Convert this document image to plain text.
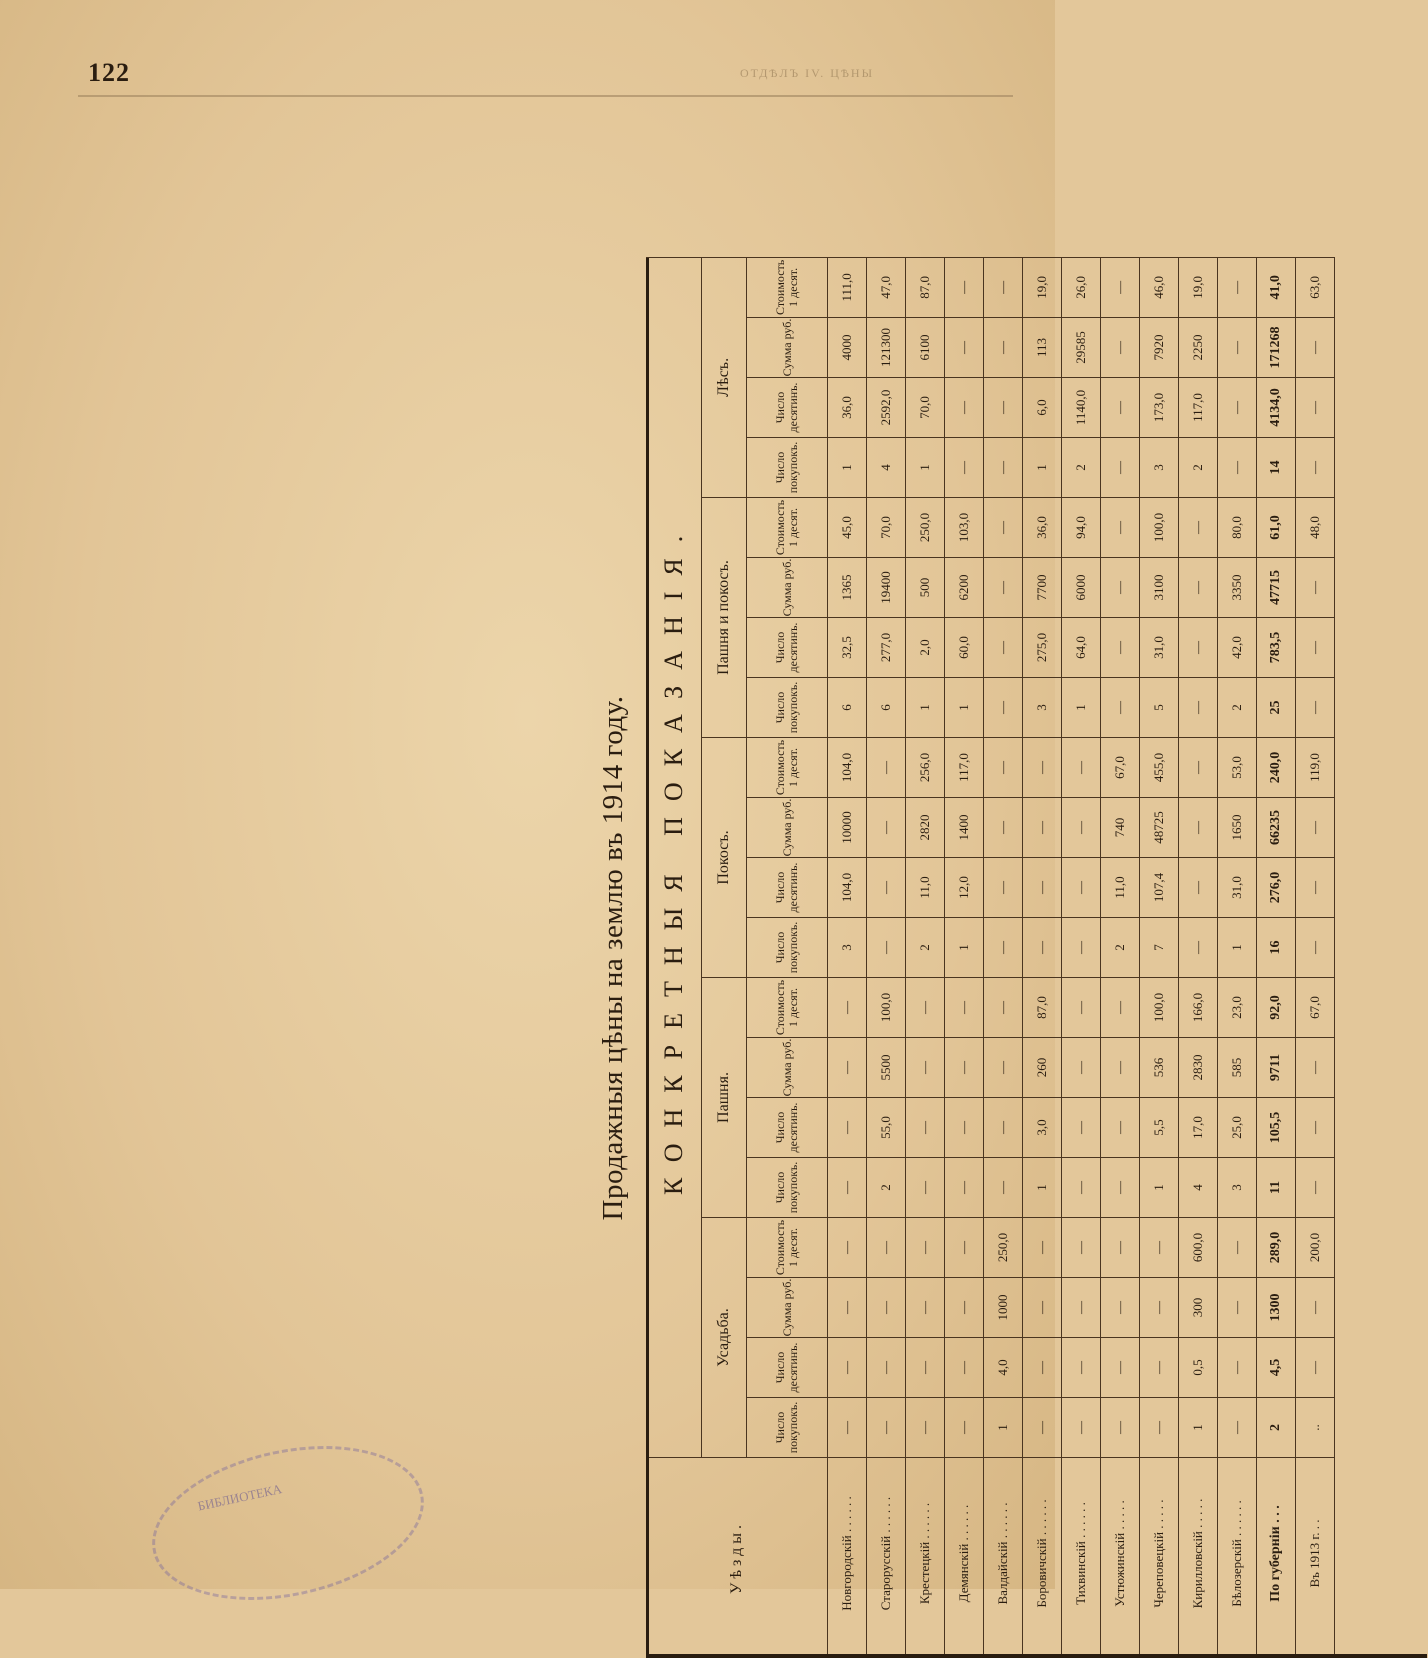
122	ОТДѢЛЪ IV. ЦѢНЫ
Продажныя цѣны на землю въ 1914 году.
Уѣзды.	КОНКРЕТНЫЯ ПОКАЗАНІЯ.																			
	Усадьба.				Пашня.				Покосъ.				Пашня и покосъ.				Лѣсъ.			
	Число покупокъ.	Число десятинъ.	Сумма руб.	Стоимость 1 десят.	Число покупокъ.	Число десятинъ.	Сумма руб.	Стоимость 1 десят.	Число покупокъ.	Число десятинъ.	Сумма руб.	Стоимость 1 десят.	Число покупокъ.	Число десятинъ.	Сумма руб.	Стоимость 1 десят.	Число покупокъ.	Число десятинъ.	Сумма руб.	Стоимость 1 десят.
Новгородскій . . . . . .	—	—	—	—	—	—	—	—	3	104,0	10000	104,0	6	32,5	1365	45,0	1	36,0	4000	111,0
Старорусскій . . . . . .	—	—	—	—	2	55,0	5500	100,0	—	—	—	—	6	277,0	19400	70,0	4	2592,0	121300	47,0
Крестецкій . . . . . .	—	—	—	—	—	—	—	—	2	11,0	2820	256,0	1	2,0	500	250,0	1	70,0	6100	87,0
Демянскій . . . . . .	—	—	—	—	—	—	—	—	1	12,0	1400	117,0	1	60,0	6200	103,0	—	—	—	—
Валдайскій . . . . . .	1	4,0	1000	250,0	—	—	—	—	—	—	—	—	—	—	—	—	—	—	—	—
Боровичскій . . . . . .	—	—	—	—	1	3,0	260	87,0	—	—	—	—	3	275,0	7700	36,0	1	6,0	113	19,0
Тихвинскій . . . . . .	—	—	—	—	—	—	—	—	—	—	—	—	1	64,0	6000	94,0	2	1140,0	29585	26,0
Устюжинскій . . . . .	—	—	—	—	—	—	—	—	2	11,0	740	67,0	—	—	—	—	—	—	—	—
Череповецкій . . . . .	—	—	—	—	1	5,5	536	100,0	7	107,4	48725	455,0	5	31,0	3100	100,0	3	173,0	7920	46,0
Кирилловскій . . . . .	1	0,5	300	600,0	4	17,0	2830	166,0	—	—	—	—	—	—	—	—	2	117,0	2250	19,0
Бѣлозерскій . . . . . .	—	—	—	—	3	25,0	585	23,0	1	31,0	1650	53,0	2	42,0	3350	80,0	—	—	—	—
По губерніи . . .	2	4,5	1300	289,0	11	105,5	9711	92,0	16	276,0	66235	240,0	25	783,5	47715	61,0	14	4134,0	171268	41,0
Въ 1913 г. . .	..	—	—	200,0	—	—	—	67,0	—	—	—	119,0	—	—	—	48,0	—	—	—	63,0
БИБЛИОТЕКА
